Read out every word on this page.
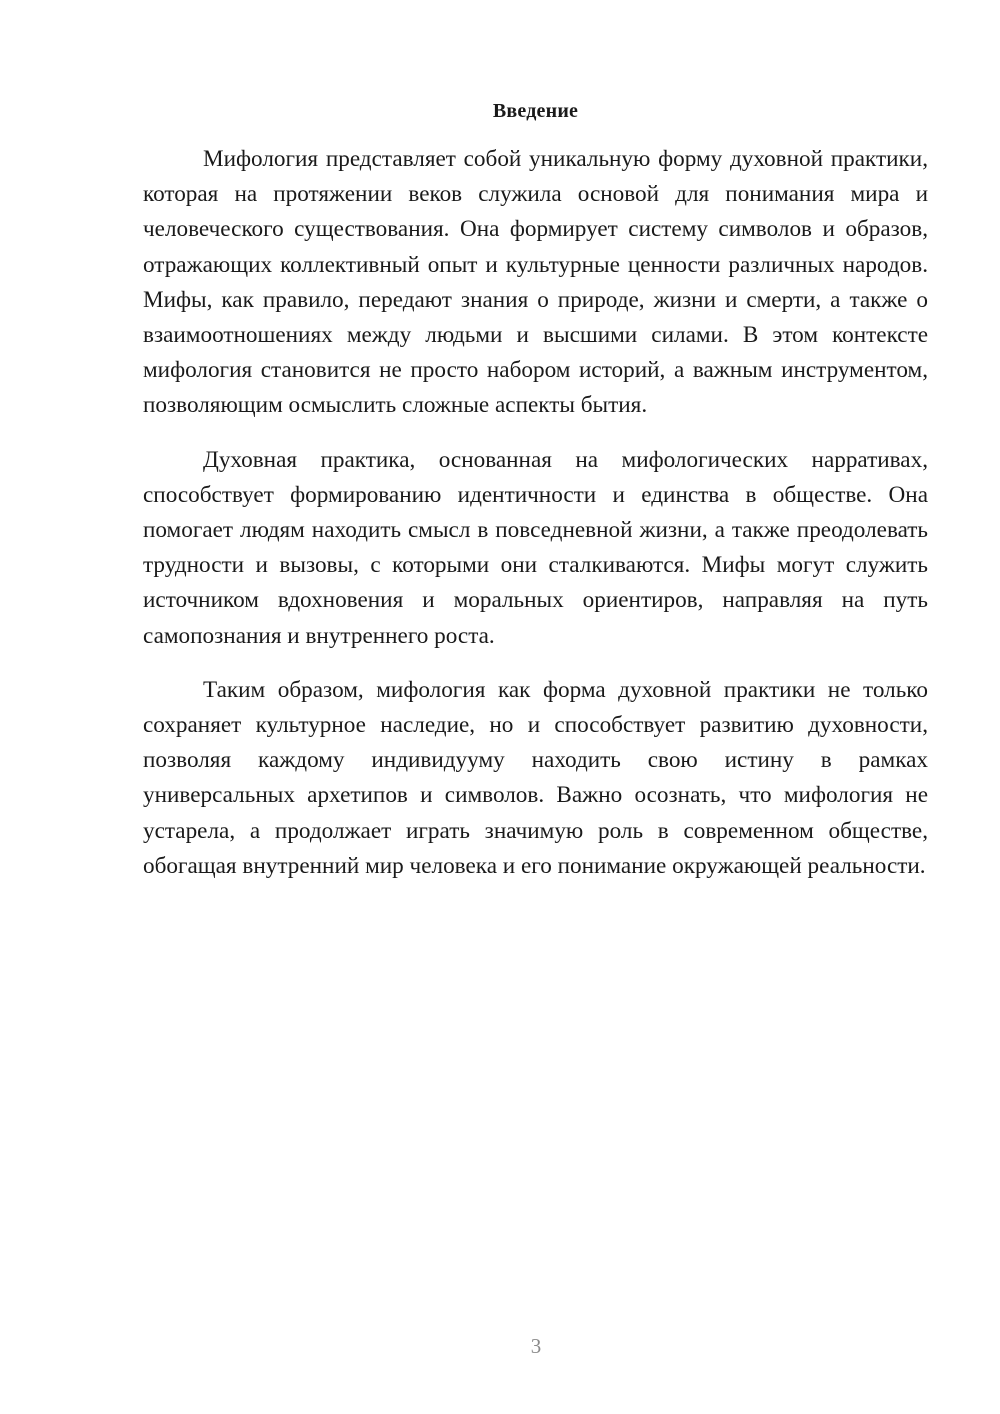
Введение

Мифология представляет собой уникальную форму духовной практики, которая на протяжении веков служила основой для понимания мира и человеческого существования. Она формирует систему символов и образов, отражающих коллективный опыт и культурные ценности различных народов. Мифы, как правило, передают знания о природе, жизни и смерти, а также о взаимоотношениях между людьми и высшими силами. В этом контексте мифология становится не просто набором историй, а важным инструментом, позволяющим осмыслить сложные аспекты бытия.

Духовная практика, основанная на мифологических нарративах, способствует формированию идентичности и единства в обществе. Она помогает людям находить смысл в повседневной жизни, а также преодолевать трудности и вызовы, с которыми они сталкиваются. Мифы могут служить источником вдохновения и моральных ориентиров, направляя на путь самопознания и внутреннего роста.

Таким образом, мифология как форма духовной практики не только сохраняет культурное наследие, но и способствует развитию духовности, позволяя каждому индивидууму находить свою истину в рамках универсальных архетипов и символов. Важно осознать, что мифология не устарела, а продолжает играть значимую роль в современном обществе, обогащая внутренний мир человека и его понимание окружающей реальности.

3
